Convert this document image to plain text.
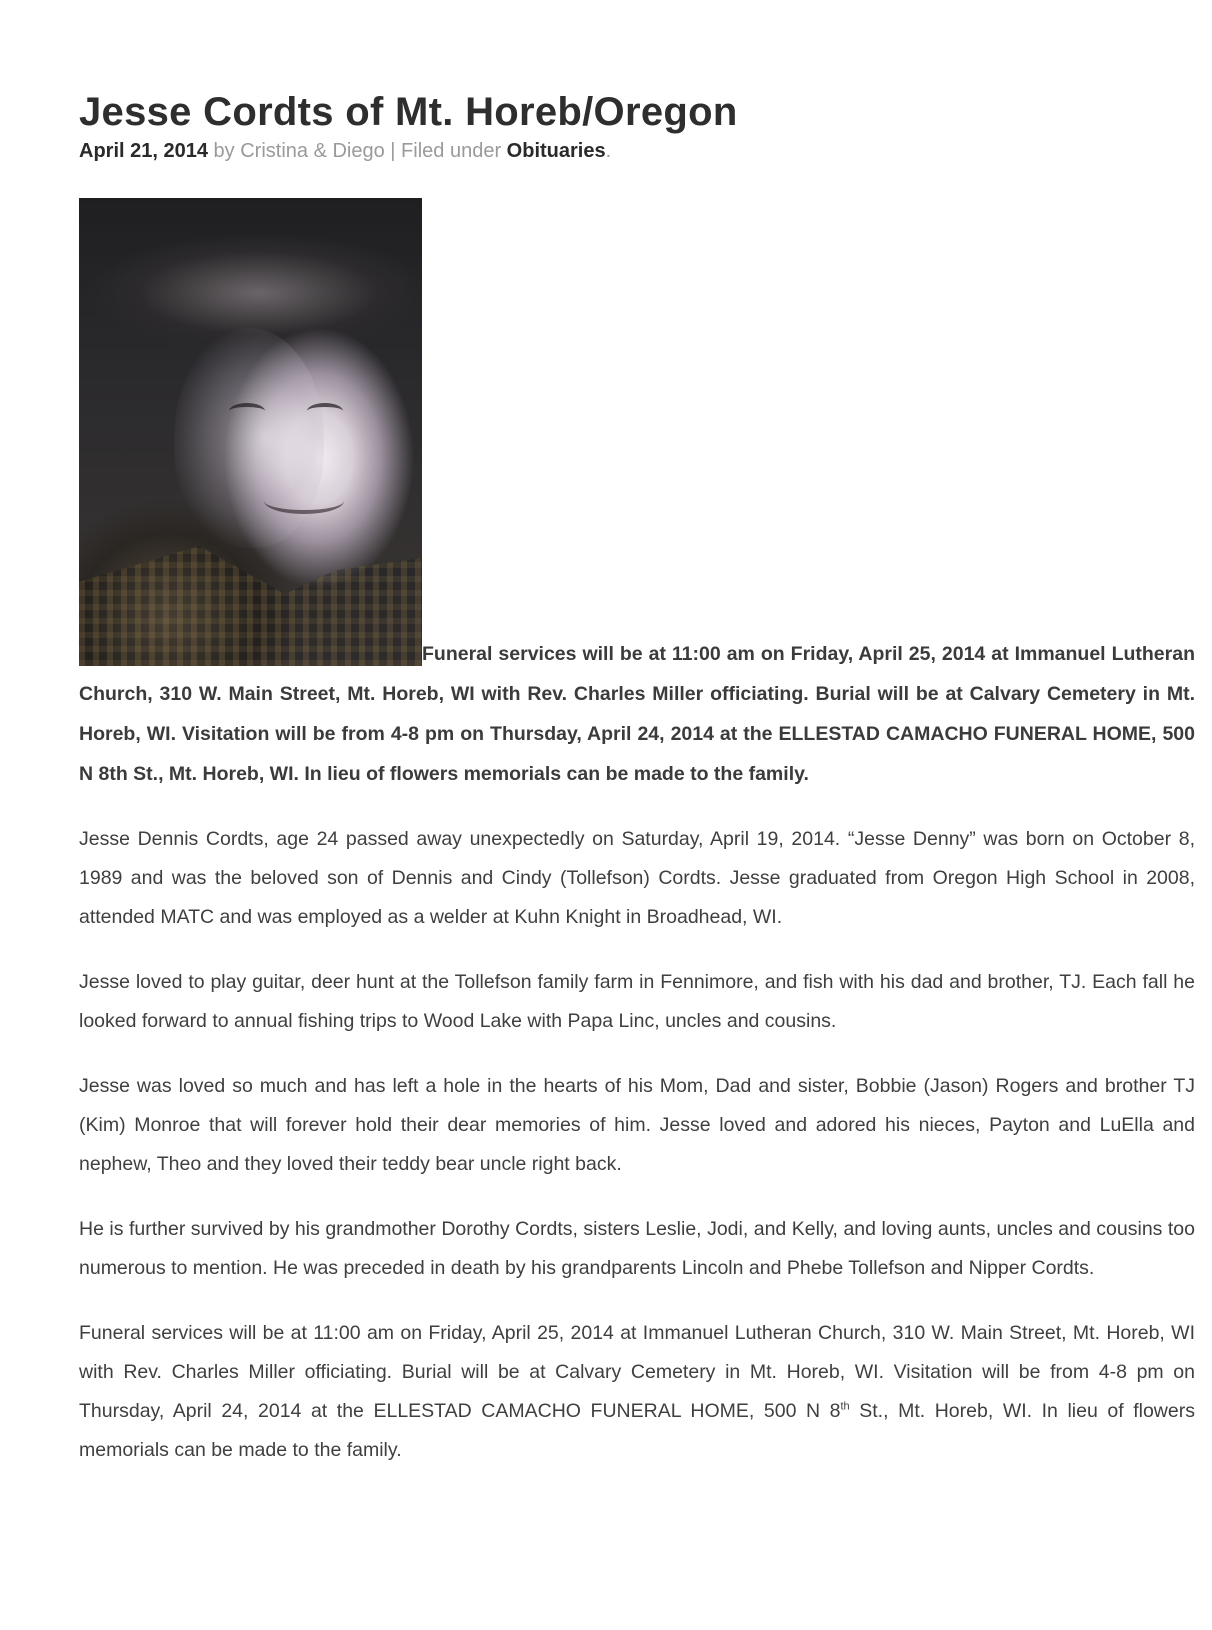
Jesse Cordts of Mt. Horeb/Oregon
April 21, 2014 by Cristina & Diego | Filed under Obituaries.
Funeral services will be at 11:00 am on Friday, April 25, 2014 at Immanuel Lutheran Church, 310 W. Main Street, Mt. Horeb, WI with Rev. Charles Miller officiating. Burial will be at Calvary Cemetery in Mt. Horeb, WI. Visitation will be from 4-8 pm on Thursday, April 24, 2014 at the ELLESTAD CAMACHO FUNERAL HOME, 500 N 8th St., Mt. Horeb, WI. In lieu of flowers memorials can be made to the family.

Jesse Dennis Cordts, age 24 passed away unexpectedly on Saturday, April 19, 2014. “Jesse Denny” was born on October 8, 1989 and was the beloved son of Dennis and Cindy (Tollefson) Cordts. Jesse graduated from Oregon High School in 2008, attended MATC and was employed as a welder at Kuhn Knight in Broadhead, WI.

Jesse loved to play guitar, deer hunt at the Tollefson family farm in Fennimore, and fish with his dad and brother, TJ. Each fall he looked forward to annual fishing trips to Wood Lake with Papa Linc, uncles and cousins.

Jesse was loved so much and has left a hole in the hearts of his Mom, Dad and sister, Bobbie (Jason) Rogers and brother TJ (Kim) Monroe that will forever hold their dear memories of him. Jesse loved and adored his nieces, Payton and LuElla and nephew, Theo and they loved their teddy bear uncle right back.

He is further survived by his grandmother Dorothy Cordts, sisters Leslie, Jodi, and Kelly, and loving aunts, uncles and cousins too numerous to mention. He was preceded in death by his grandparents Lincoln and Phebe Tollefson and Nipper Cordts.

Funeral services will be at 11:00 am on Friday, April 25, 2014 at Immanuel Lutheran Church, 310 W. Main Street, Mt. Horeb, WI with Rev. Charles Miller officiating. Burial will be at Calvary Cemetery in Mt. Horeb, WI. Visitation will be from 4-8 pm on Thursday, April 24, 2014 at the ELLESTAD CAMACHO FUNERAL HOME, 500 N 8th St., Mt. Horeb, WI. In lieu of flowers memorials can be made to the family.
